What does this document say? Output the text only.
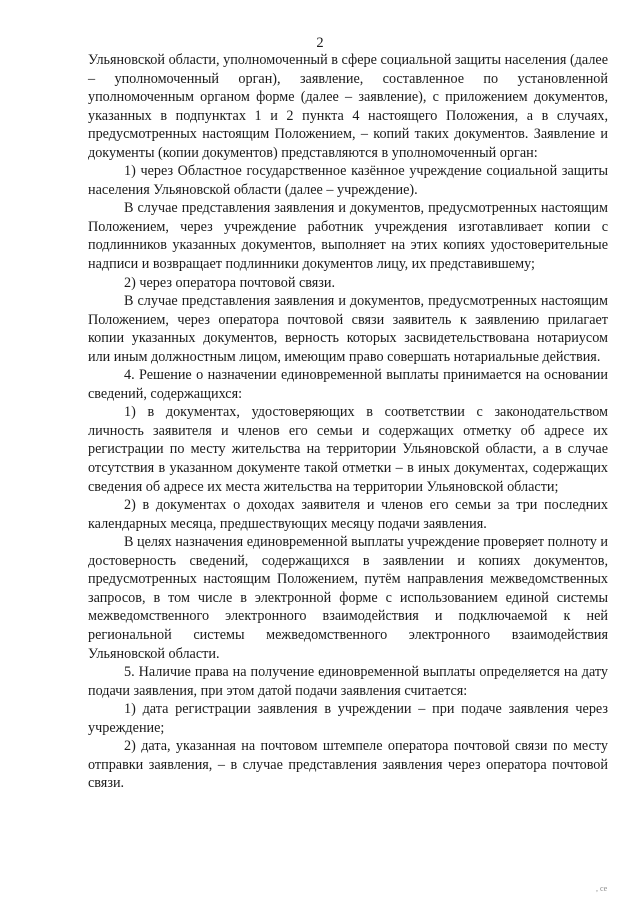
2

Ульяновской области, уполномоченный в сфере социальной защиты населения (далее – уполномоченный орган), заявление, составленное по установленной уполномоченным органом форме (далее – заявление), с приложением документов, указанных в подпунктах 1 и 2 пункта 4 настоящего Положения, а в случаях, предусмотренных настоящим Положением, – копий таких документов. Заявление и документы (копии документов) представляются в уполномоченный орган:

1) через Областное государственное казённое учреждение социальной защиты населения Ульяновской области (далее – учреждение).

В случае представления заявления и документов, предусмотренных настоящим Положением, через учреждение работник учреждения изготавливает копии с подлинников указанных документов, выполняет на этих копиях удостоверительные надписи и возвращает подлинники документов лицу, их представившему;

2) через оператора почтовой связи.

В случае представления заявления и документов, предусмотренных настоящим Положением, через оператора почтовой связи заявитель к заявлению прилагает копии указанных документов, верность которых засвидетельствована нотариусом или иным должностным лицом, имеющим право совершать нотариальные действия.

4. Решение о назначении единовременной выплаты принимается на основании сведений, содержащихся:

1) в документах, удостоверяющих в соответствии с законодательством личность заявителя и членов его семьи и содержащих отметку об адресе их регистрации по месту жительства на территории Ульяновской области, а в случае отсутствия в указанном документе такой отметки – в иных документах, содержащих сведения об адресе их места жительства на территории Ульяновской области;

2) в документах о доходах заявителя и членов его семьи за три последних календарных месяца, предшествующих месяцу подачи заявления.

В целях назначения единовременной выплаты учреждение проверяет полноту и достоверность сведений, содержащихся в заявлении и копиях документов, предусмотренных настоящим Положением, путём направления межведомственных запросов, в том числе в электронной форме с использованием единой системы межведомственного электронного взаимодействия и подключаемой к ней региональной системы межведомственного электронного взаимодействия Ульяновской области.

5. Наличие права на получение единовременной выплаты определяется на дату подачи заявления, при этом датой подачи заявления считается:

1) дата регистрации заявления в учреждении – при подаче заявления через учреждение;

2) дата, указанная на почтовом штемпеле оператора почтовой связи по месту отправки заявления, – в случае представления заявления через оператора почтовой связи.

, се
